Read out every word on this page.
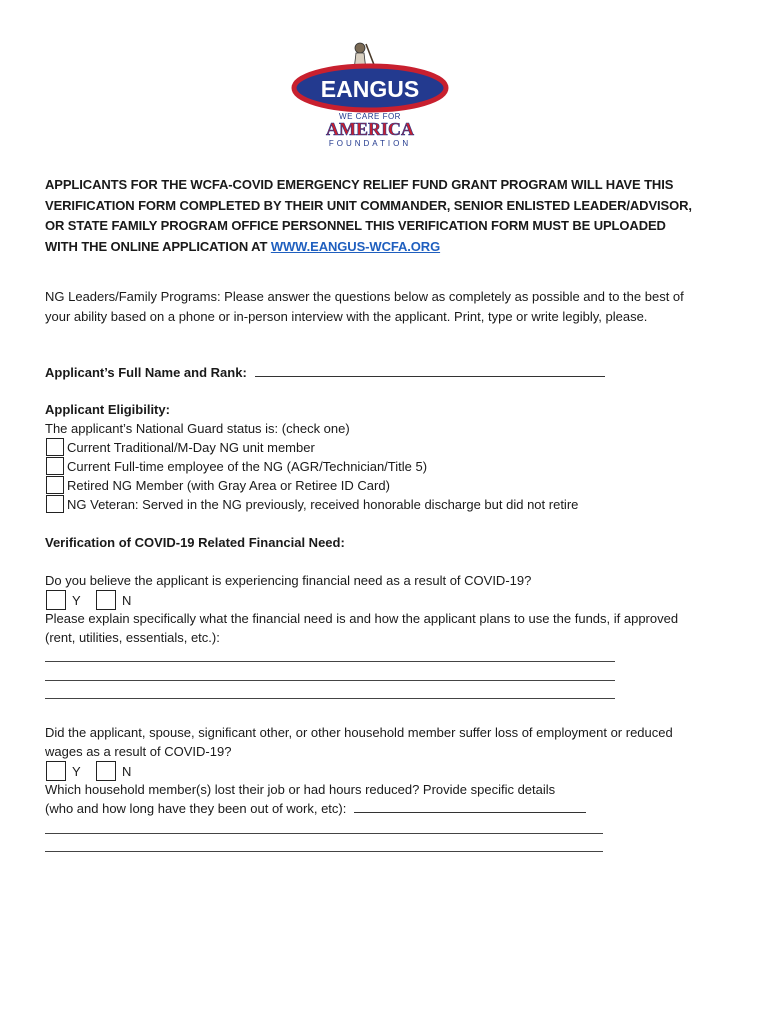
EANGUS
WE CARE FOR
AMERICA
FOUNDATION
APPLICANTS FOR THE WCFA-COVID EMERGENCY RELIEF FUND GRANT PROGRAM WILL HAVE THIS
VERIFICATION FORM COMPLETED BY THEIR UNIT COMMANDER, SENIOR ENLISTED LEADER/ADVISOR,
OR STATE FAMILY PROGRAM OFFICE PERSONNEL THIS VERIFICATION FORM MUST BE UPLOADED
WITH THE ONLINE APPLICATION AT WWW.EANGUS-WCFA.ORG
NG Leaders/Family Programs: Please answer the questions below as completely as possible and to the best of
your ability based on a phone or in-person interview with the applicant. Print, type or write legibly, please.
Applicant’s Full Name and Rank:
Applicant Eligibility:
The applicant’s National Guard status is: (check one)
Current Traditional/M-Day NG unit member
Current Full-time employee of the NG (AGR/Technician/Title 5)
Retired NG Member (with Gray Area or Retiree ID Card)
NG Veteran: Served in the NG previously, received honorable discharge but did not retire
Verification of COVID-19 Related Financial Need:
Do you believe the applicant is experiencing financial need as a result of COVID-19?
Y	N
Please explain specifically what the financial need is and how the applicant plans to use the funds, if approved
(rent, utilities, essentials, etc.):
Did the applicant, spouse, significant other, or other household member suffer loss of employment or reduced
wages as a result of COVID-19?
Y	N
Which household member(s) lost their job or had hours reduced? Provide specific details
(who and how long have they been out of work, etc):
